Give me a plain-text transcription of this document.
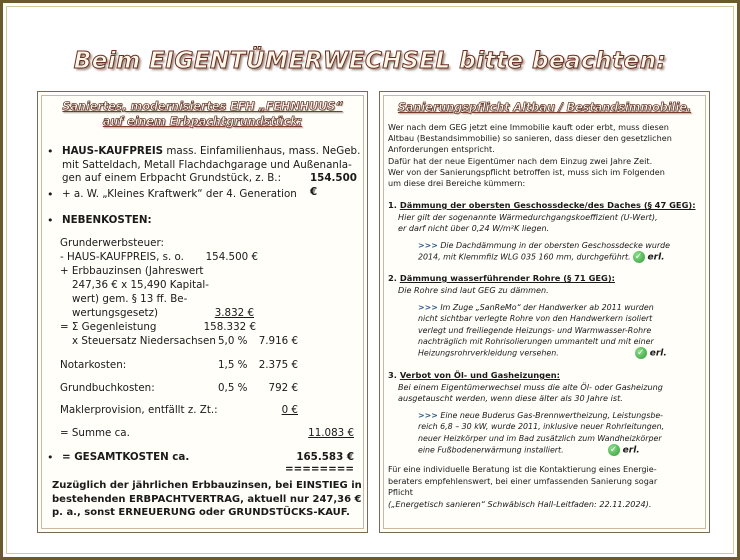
Beim EIGENTÜMERWECHSEL bitte beachten:
Saniertes, modernisiertes EFH „FEHNHUUS“
auf einem Erbpachtgrundstück:
• HAUS-KAUFPREIS mass. Einfamilienhaus, mass. NeGeb.
mit Satteldach, Metall Flachdachgarage und Außenanla-
gen auf einem Erbpacht Grundstück, z. B.:	154.500 €
• + a. W. „Kleines Kraftwerk“ der 4. Generation
• NEBENKOSTEN:
Grunderwerbsteuer:
- HAUS-KAUFPREIS, s. o.	154.500 €
+ Erbbauzinsen (Jahreswert
247,36 € x 15,490 Kapital-
wert) gem. § 13 ff. Be-
wertungsgesetz)	3.832 €
= Σ Gegenleistung	158.332 €
x Steuersatz Niedersachsen 5,0 %	7.916 €
Notarkosten:	1,5 %	2.375 €
Grundbuchkosten:	0,5 %	792 €
Maklerprovision, entfällt z. Zt.:	0 €
= Summe ca.	11.083 €
• = GESAMTKOSTEN ca.	165.583 €
========
Zuzüglich der jährlichen Erbbauzinsen, bei EINSTIEG in
bestehenden ERBPACHTVERTRAG, aktuell nur 247,36 €
p. a., sonst ERNEUERUNG oder GRUNDSTÜCKS-KAUF.
Sanierungspflicht Altbau / Bestandsimmobilie.
Wer nach dem GEG jetzt eine Immobilie kauft oder erbt, muss diesen
Altbau (Bestandsimmobilie) so sanieren, dass dieser den gesetzlichen
Anforderungen entspricht.
Dafür hat der neue Eigentümer nach dem Einzug zwei Jahre Zeit.
Wer von der Sanierungspflicht betroffen ist, muss sich im Folgenden
um diese drei Bereiche kümmern:
1. Dämmung der obersten Geschossdecke/des Daches (§ 47 GEG):
Hier gilt der sogenannte Wärmedurchgangskoeffizient (U-Wert),
er darf nicht über 0,24 W/m²K liegen.
>>> Die Dachdämmung in der obersten Geschossdecke wurde
2014, mit Klemmfilz WLG 035 160 mm, durchgeführt. ✓ erl.
2. Dämmung wasserführender Rohre (§ 71 GEG):
Die Rohre sind laut GEG zu dämmen.
>>> Im Zuge „SanReMo“ der Handwerker ab 2011 wurden
nicht sichtbar verlegte Rohre von den Handwerkern isoliert
verlegt und freiliegende Heizungs- und Warmwasser-Rohre
nachträglich mit Rohrisolierungen ummantelt und mit einer
Heizungsrohrverkleidung versehen.	✓ erl.
3. Verbot von Öl- und Gasheizungen:
Bei einem Eigentümerwechsel muss die alte Öl- oder Gasheizung
ausgetauscht werden, wenn diese älter als 30 Jahre ist.
>>> Eine neue Buderus Gas-Brennwertheizung, Leistungsbe-
reich 6,8 – 30 kW, wurde 2011, inklusive neuer Rohrleitungen,
neuer Heizkörper und im Bad zusätzlich zum Wandheizkörper
eine Fußbodenerwärmung installiert.	✓ erl.
Für eine individuelle Beratung ist die Kontaktierung eines Energie-
beraters empfehlenswert, bei einer umfassenden Sanierung sogar
Pflicht
(„Energetisch sanieren“ Schwäbisch Hall-Leitfaden: 22.11.2024).
